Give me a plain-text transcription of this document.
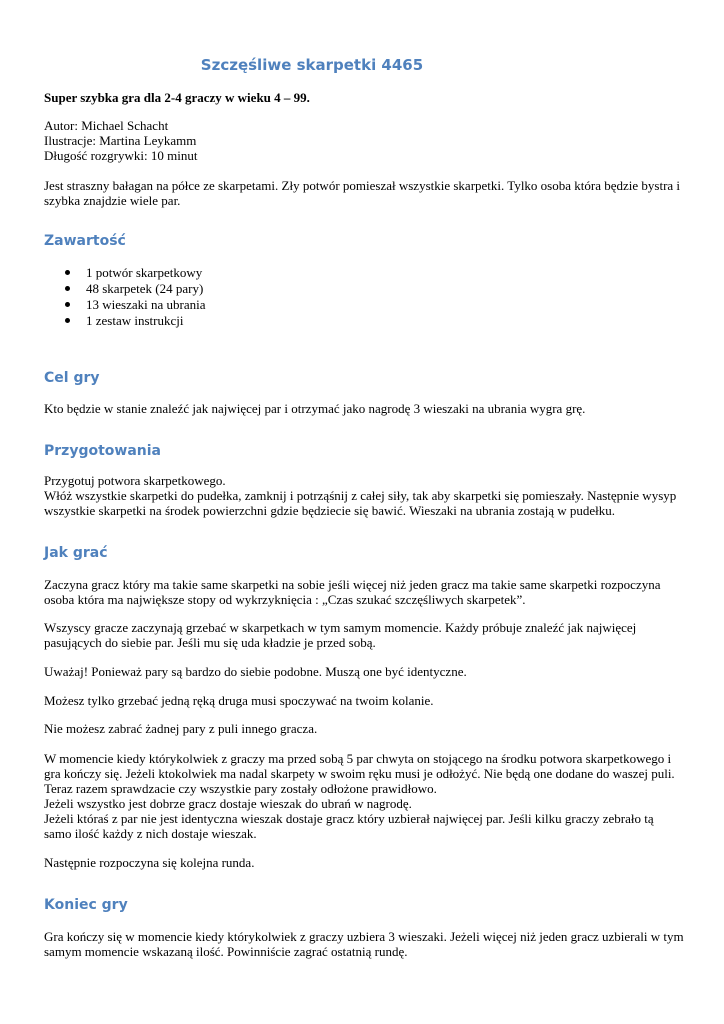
Szczęśliwe skarpetki 4465

Super szybka gra dla 2-4 graczy w wieku 4 – 99.

Autor: Michael Schacht

Ilustracje: Martina Leykamm

Długość rozgrywki: 10 minut

Jest straszny bałagan na półce ze skarpetami. Zły potwór pomieszał wszystkie skarpetki. Tylko osoba która będzie bystra i szybka znajdzie wiele par.

Zawartość
1 potwór skarpetkowy
48 skarpetek (24 pary)
13 wieszaki na ubrania
1 zestaw instrukcji
Cel gry

Kto będzie w stanie znaleźć jak najwięcej par i otrzymać jako nagrodę 3 wieszaki na ubrania wygra grę.

Przygotowania

Przygotuj potwora skarpetkowego.

Włóż wszystkie skarpetki do pudełka, zamknij i potrząśnij z całej siły, tak aby skarpetki się pomieszały. Następnie wysyp wszystkie skarpetki na środek powierzchni gdzie będziecie się bawić. Wieszaki na ubrania zostają w pudełku.

Jak grać

Zaczyna gracz który ma takie same skarpetki na sobie jeśli więcej niż jeden gracz ma takie same skarpetki rozpoczyna osoba która ma największe stopy od wykrzyknięcia : „Czas szukać szczęśliwych skarpetek”.

Wszyscy gracze zaczynają grzebać w skarpetkach w tym samym momencie. Każdy próbuje znaleźć jak najwięcej pasujących do siebie par. Jeśli mu się uda kładzie je przed sobą.

Uważaj! Ponieważ pary są bardzo do siebie podobne. Muszą one być identyczne.

Możesz tylko grzebać jedną ręką druga musi spoczywać na twoim kolanie.

Nie możesz zabrać żadnej pary z puli innego gracza.

W momencie kiedy którykolwiek z graczy ma przed sobą 5 par chwyta on stojącego na środku potwora skarpetkowego i gra kończy się. Jeżeli ktokolwiek ma nadal skarpety w swoim ręku musi je odłożyć. Nie będą one dodane do waszej puli. Teraz razem sprawdzacie czy wszystkie pary zostały odłożone prawidłowo.

Jeżeli wszystko jest dobrze gracz dostaje wieszak do ubrań w nagrodę.

Jeżeli któraś z par nie jest identyczna wieszak dostaje gracz który uzbierał najwięcej par. Jeśli kilku graczy zebrało tą samo ilość każdy z nich dostaje wieszak.

Następnie rozpoczyna się kolejna runda.

Koniec gry

Gra kończy się w momencie kiedy którykolwiek z graczy uzbiera 3 wieszaki. Jeżeli więcej niż jeden gracz uzbierali w tym samym momencie wskazaną ilość. Powinniście zagrać ostatnią rundę.
